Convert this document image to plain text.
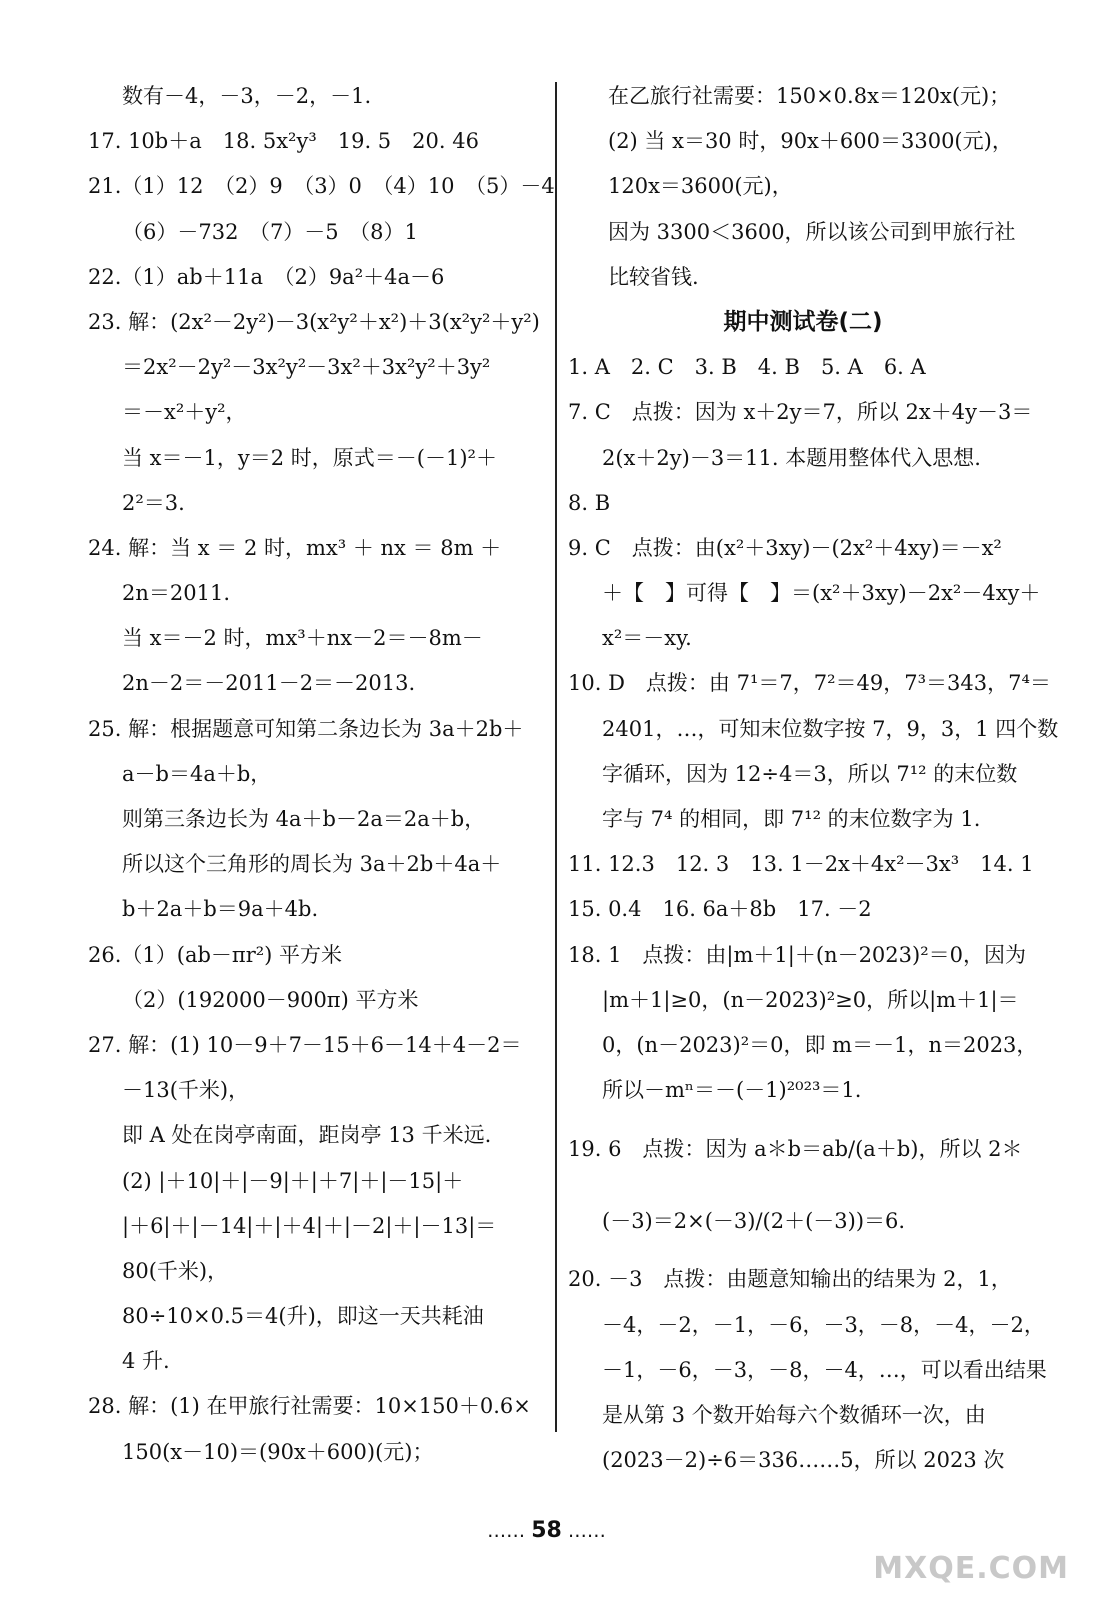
数有－4，－3，－2，－1.
17. 10b＋a　18. 5x²y³　19. 5　20. 46
21.（1）12　（2）9　（3）0　（4）10　（5）－4
（6）－732　（7）－5　（8）1
22.（1）ab＋11a　（2）9a²＋4a－6
23. 解：(2x²－2y²)－3(x²y²＋x²)＋3(x²y²＋y²)
＝2x²－2y²－3x²y²－3x²＋3x²y²＋3y²
＝－x²＋y²，
当 x＝－1，y＝2 时，原式＝－(－1)²＋
2²＝3.
24. 解：当 x ＝ 2 时，mx³ ＋ nx ＝ 8m ＋
2n＝2011.
当 x＝－2 时，mx³＋nx－2＝－8m－
2n－2＝－2011－2＝－2013.
25. 解：根据题意可知第二条边长为 3a＋2b＋
a－b＝4a＋b，
则第三条边长为 4a＋b－2a＝2a＋b，
所以这个三角形的周长为 3a＋2b＋4a＋
b＋2a＋b＝9a＋4b.
26.（1）(ab－πr²) 平方米
（2）(192000－900π) 平方米
27. 解：(1) 10－9＋7－15＋6－14＋4－2＝
－13(千米)，
即 A 处在岗亭南面，距岗亭 13 千米远.
(2) |＋10|＋|－9|＋|＋7|＋|－15|＋
|＋6|＋|－14|＋|＋4|＋|－2|＋|－13|＝
80(千米)，
80÷10×0.5＝4(升)，即这一天共耗油
4 升.
28. 解：(1) 在甲旅行社需要：10×150＋0.6×
150(x－10)＝(90x＋600)(元)；
在乙旅行社需要：150×0.8x＝120x(元)；
(2) 当 x＝30 时，90x＋600＝3300(元)，
120x＝3600(元)，
因为 3300＜3600，所以该公司到甲旅行社
比较省钱.
期中测试卷(二)
1. A　2. C　3. B　4. B　5. A　6. A
7. C　点拨：因为 x＋2y＝7，所以 2x＋4y－3＝
2(x＋2y)－3＝11. 本题用整体代入思想.
8. B
9. C　点拨：由(x²＋3xy)－(2x²＋4xy)＝－x²
＋【　】可得【　】＝(x²＋3xy)－2x²－4xy＋
x²＝－xy.
10. D　点拨：由 7¹＝7，7²＝49，7³＝343，7⁴＝
2401，…，可知末位数字按 7，9，3，1 四个数
字循环，因为 12÷4＝3，所以 7¹² 的末位数
字与 7⁴ 的相同，即 7¹² 的末位数字为 1.
11. 12.3　12. 3　13. 1－2x＋4x²－3x³　14. 1
15. 0.4　16. 6a＋8b　17. －2
18. 1　点拨：由|m＋1|＋(n－2023)²＝0，因为
|m＋1|≥0，(n－2023)²≥0，所以|m＋1|＝
0，(n－2023)²＝0，即 m＝－1，n＝2023，
所以－mⁿ＝－(－1)²⁰²³＝1.
19. 6　点拨：因为 a＊b＝ab/(a＋b)，所以 2＊
(－3)＝2×(－3)/(2＋(－3))＝6.
20. －3　点拨：由题意知输出的结果为 2，1，
－4，－2，－1，－6，－3，－8，－4，－2，
－1，－6，－3，－8，－4，…，可以看出结果
是从第 3 个数开始每六个数循环一次，由
(2023－2)÷6＝336……5，所以 2023 次
…… 58 ……
MXQE.COM
